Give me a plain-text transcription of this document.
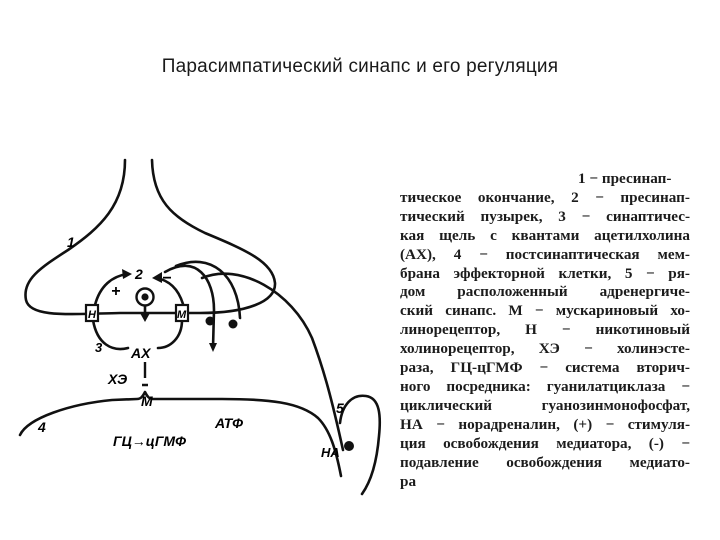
Парасимпатический синапс и его регуляция
1
2
3
4
5
+
−
Н	М
АХ
ХЭ
М
ГЦ→цГМФ
АТФ
НА
1 − пресинап-
тическое окончание, 2 − пресинап-
тический пузырек, 3 − синаптичес-
кая щель с квантами ацетилхолина
(АХ), 4 − постсинаптическая мем-
брана эффекторной клетки, 5 − ря-
дом расположенный адренергиче-
ский синапс. М − мускариновый хо-
линорецептор, Н − никотиновый
холинорецептор, ХЭ − холинэсте-
раза, ГЦ-цГМФ − система вторич-
ного посредника: гуанилатциклаза −
циклический гуанозинмонофосфат,
НА − норадреналин, (+) − стимуля-
ция освобождения медиатора, (-) −
подавление освобождения медиато-
ра
